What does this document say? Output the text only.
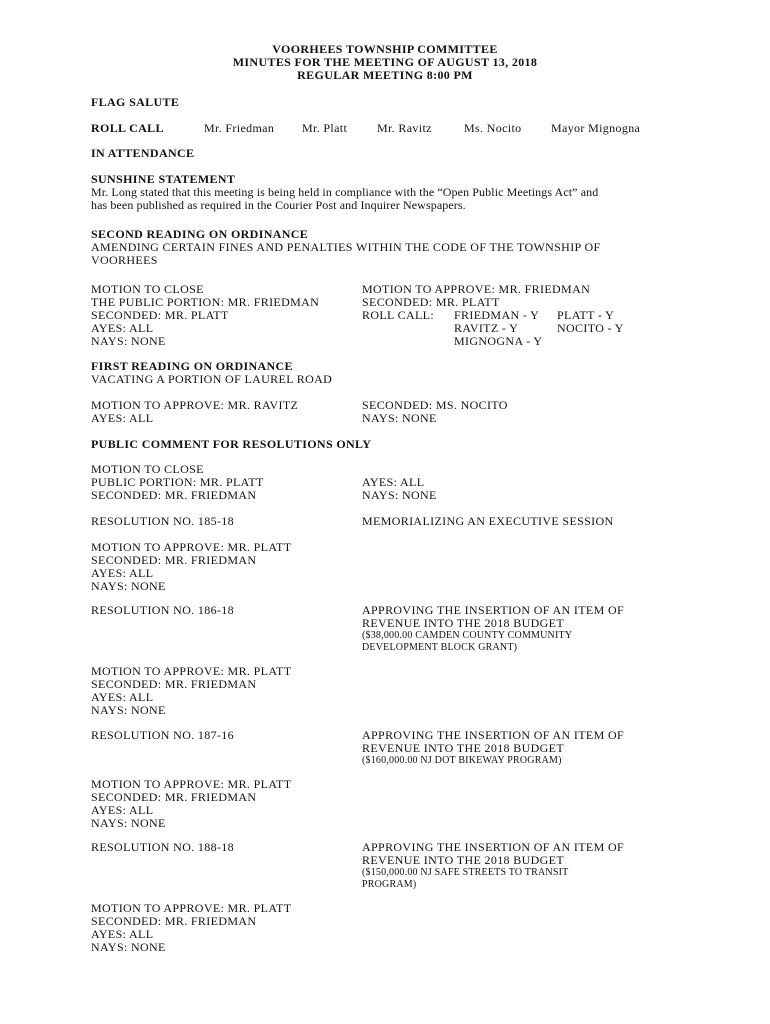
VOORHEES TOWNSHIP COMMITTEE
MINUTES FOR THE MEETING OF AUGUST 13, 2018
REGULAR MEETING 8:00 PM
FLAG SALUTE
ROLL CALL	Mr. Friedman Mr. Platt Mr. Ravitz	Ms. Nocito Mayor Mignogna
IN ATTENDANCE
SUNSHINE STATEMENT
Mr. Long stated that this meeting is being held in compliance with the “Open Public Meetings Act” and
has been published as required in the Courier Post and Inquirer Newspapers.
SECOND READING ON ORDINANCE
AMENDING CERTAIN FINES AND PENALTIES WITHIN THE CODE OF THE TOWNSHIP OF
VOORHEES
MOTION TO CLOSE
THE PUBLIC PORTION: MR. FRIEDMAN
SECONDED: MR. PLATT
AYES: ALL
NAYS: NONE
MOTION TO APPROVE: MR. FRIEDMAN
SECONDED: MR. PLATT
ROLL CALL: FRIEDMAN - Y PLATT - Y
RAVITZ - Y	NOCITO - Y
MIGNOGNA - Y
FIRST READING ON ORDINANCE
VACATING A PORTION OF LAUREL ROAD
MOTION TO APPROVE: MR. RAVITZ
AYES: ALL
SECONDED: MS. NOCITO
NAYS: NONE
PUBLIC COMMENT FOR RESOLUTIONS ONLY
MOTION TO CLOSE
PUBLIC PORTION: MR. PLATT
SECONDED: MR. FRIEDMAN
AYES: ALL
NAYS: NONE
RESOLUTION NO. 185-18	MEMORIALIZING AN EXECUTIVE SESSION
MOTION TO APPROVE: MR. PLATT
SECONDED: MR. FRIEDMAN
AYES: ALL
NAYS: NONE
RESOLUTION NO. 186-18	APPROVING THE INSERTION OF AN ITEM OF
REVENUE INTO THE 2018 BUDGET
($38,000.00 CAMDEN COUNTY COMMUNITY
DEVELOPMENT BLOCK GRANT)
MOTION TO APPROVE: MR. PLATT
SECONDED: MR. FRIEDMAN
AYES: ALL
NAYS: NONE
RESOLUTION NO. 187-16	APPROVING THE INSERTION OF AN ITEM OF
REVENUE INTO THE 2018 BUDGET
($160,000.00 NJ DOT BIKEWAY PROGRAM)
MOTION TO APPROVE: MR. PLATT
SECONDED: MR. FRIEDMAN
AYES: ALL
NAYS: NONE
RESOLUTION NO. 188-18	APPROVING THE INSERTION OF AN ITEM OF
REVENUE INTO THE 2018 BUDGET
($150,000.00 NJ SAFE STREETS TO TRANSIT
PROGRAM)
MOTION TO APPROVE: MR. PLATT
SECONDED: MR. FRIEDMAN
AYES: ALL
NAYS: NONE
